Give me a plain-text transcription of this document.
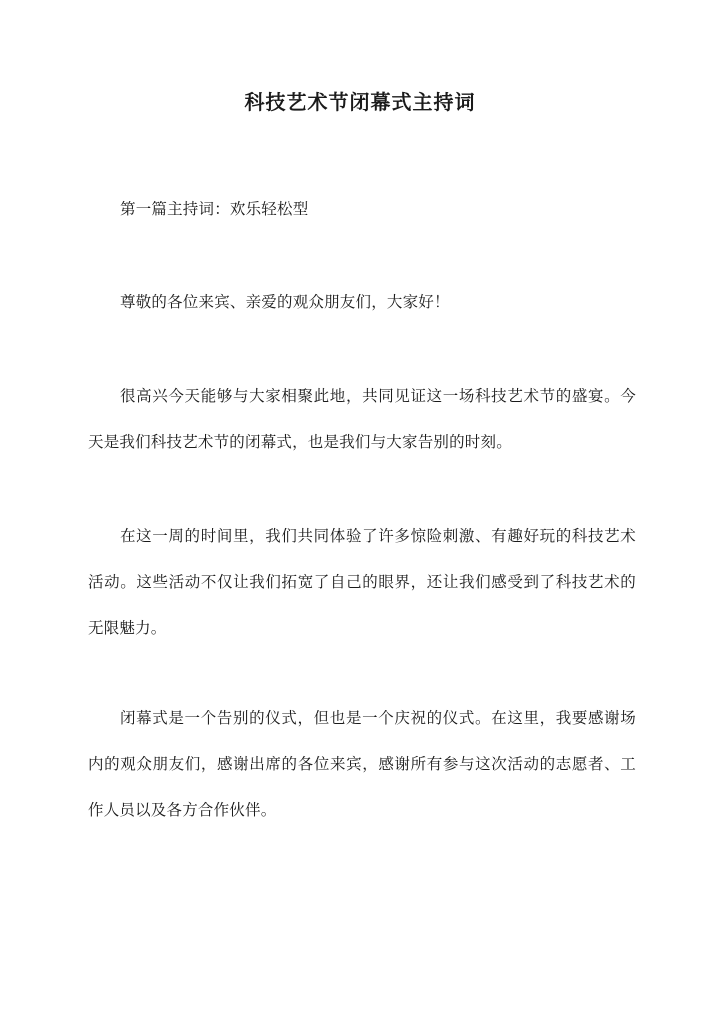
科技艺术节闭幕式主持词
第一篇主持词：欢乐轻松型
尊敬的各位来宾、亲爱的观众朋友们，大家好！
很高兴今天能够与大家相聚此地，共同见证这一场科技艺术节的盛宴。今天是我们科技艺术节的闭幕式，也是我们与大家告别的时刻。
在这一周的时间里，我们共同体验了许多惊险刺激、有趣好玩的科技艺术活动。这些活动不仅让我们拓宽了自己的眼界，还让我们感受到了科技艺术的无限魅力。
闭幕式是一个告别的仪式，但也是一个庆祝的仪式。在这里，我要感谢场内的观众朋友们，感谢出席的各位来宾，感谢所有参与这次活动的志愿者、工作人员以及各方合作伙伴。
